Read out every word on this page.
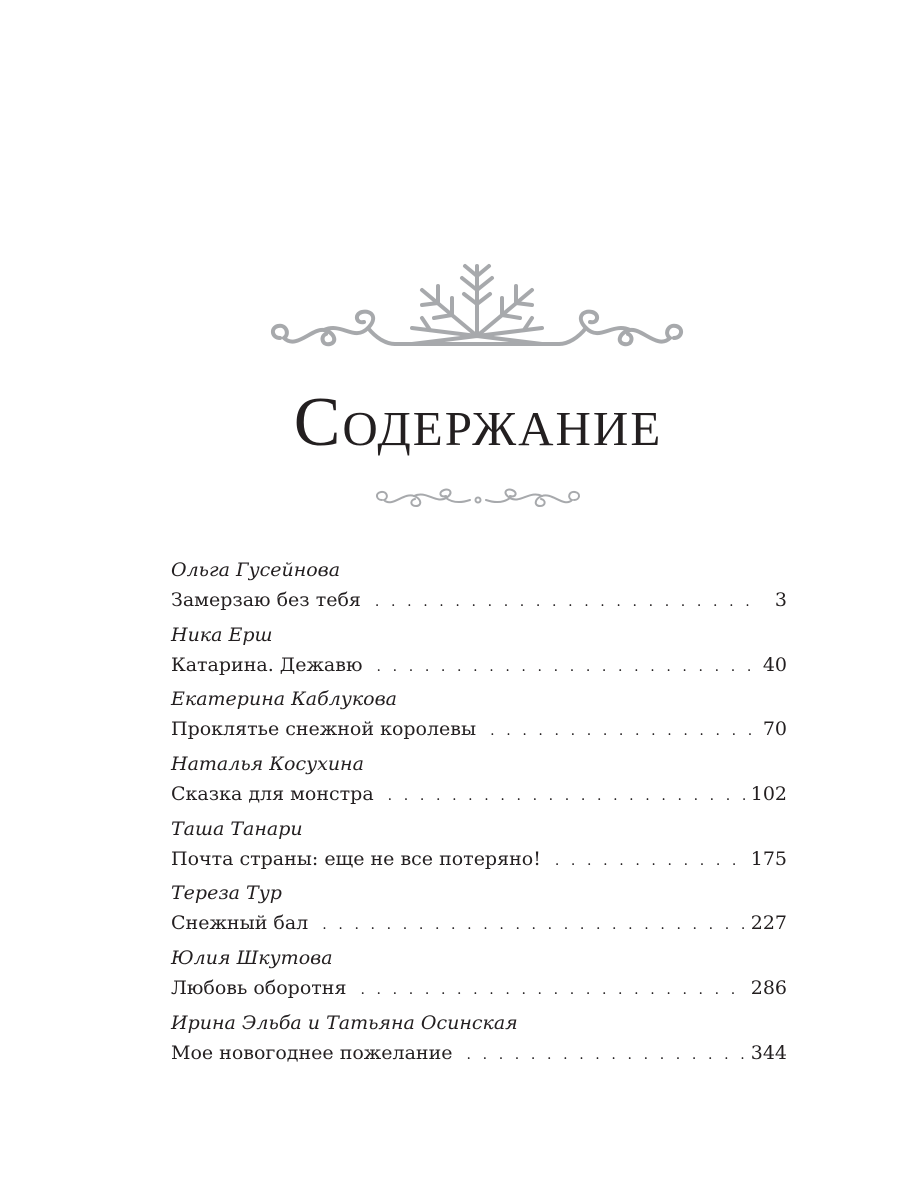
Содержание
Ольга Гусейнова
Замерзаю без тебя . . .	3
Ника Ерш
Катарина. Дежавю . . .	40
Екатерина Каблукова
Проклятье снежной королевы . . .	70
Наталья Косухина
Сказка для монстра . . .	102
Таша Танари
Почта страны: еще не все потеряно! . . .	175
Тереза Тур
Снежный бал . . .	227
Юлия Шкутова
Любовь оборотня . . .	286
Ирина Эльба и Татьяна Осинская
Мое новогоднее пожелание . . .	344
